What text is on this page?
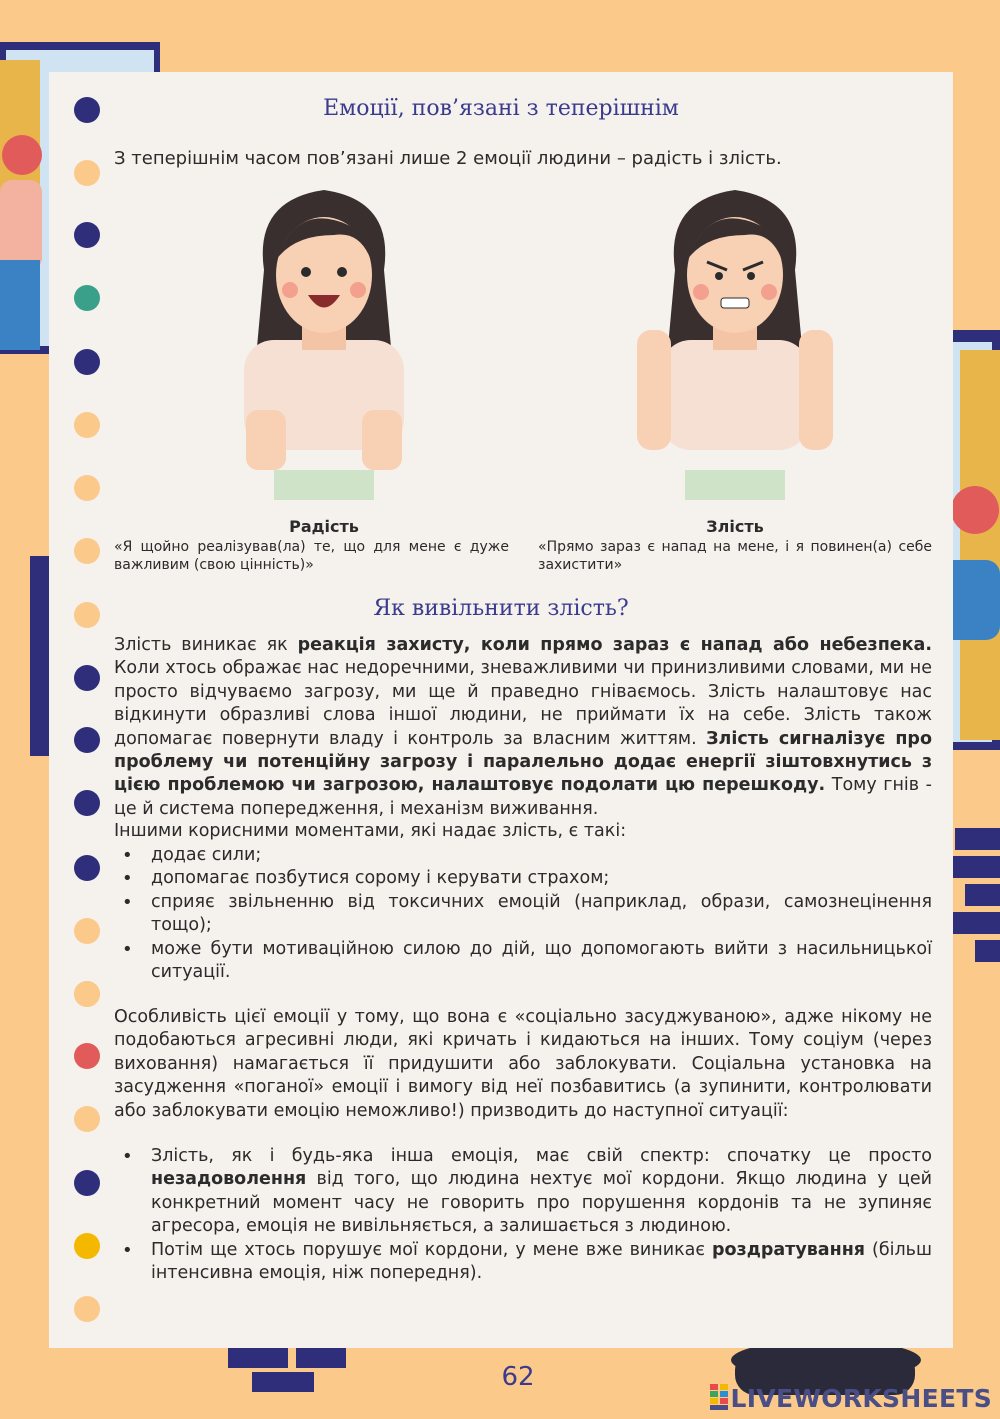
Емоції, пов’язані з теперішнім
З теперішнім часом пов’язані лише 2 емоції людини – радість і злість.
Радість
«Я щойно реалізував(ла) те, що для мене є дуже важливим (свою цінність)»
Злість
«Прямо зараз є напад на мене, і я повинен(а) себе захистити»
Як вивільнити злість?
Злість виникає як реакція захисту, коли прямо зараз є напад або небезпека. Коли хтось ображає нас недоречними, зневажливими чи принизливими словами, ми не просто відчуваємо загрозу, ми ще й праведно гніваємось. Злість налаштовує нас відкинути образливі слова іншої людини, не приймати їх на себе. Злість також допомагає повернути владу і контроль за власним життям. Злість сигналізує про проблему чи потенційну загрозу і паралельно додає енергії зіштовхнутись з цією проблемою чи загрозою, налаштовує подолати цю перешкоду. Тому гнів - це й система попередження, і механізм виживання.
Іншими корисними моментами, які надає злість, є такі:
• додає сили;
• допомагає позбутися сорому і керувати страхом;
• сприяє звільненню від токсичних емоцій (наприклад, образи, самознецінення тощо);
• може бути мотиваційною силою до дій, що допомогають вийти з насильницької ситуації.
Особливість цієї емоції у тому, що вона є «соціально засуджуваною», адже нікому не подобаються агресивні люди, які кричать і кидаються на інших. Тому соціум (через виховання) намагається її придушити або заблокувати. Соціальна установка на засудження «поганої» емоції і вимогу від неї позбавитись (а зупинити, контролювати або заблокувати емоцію неможливо!) призводить до наступної ситуації:
• Злість, як і будь-яка інша емоція, має свій спектр: спочатку це просто незадоволення від того, що людина нехтує мої кордони. Якщо людина у цей конкретний момент часу не говорить про порушення кордонів та не зупиняє агресора, емоція не вивільняється, а залишається з людиною.
• Потім ще хтось порушує мої кордони, у мене вже виникає роздратування (більш інтенсивна емоція, ніж попередня).
62
LIVEWORKSHEETS
